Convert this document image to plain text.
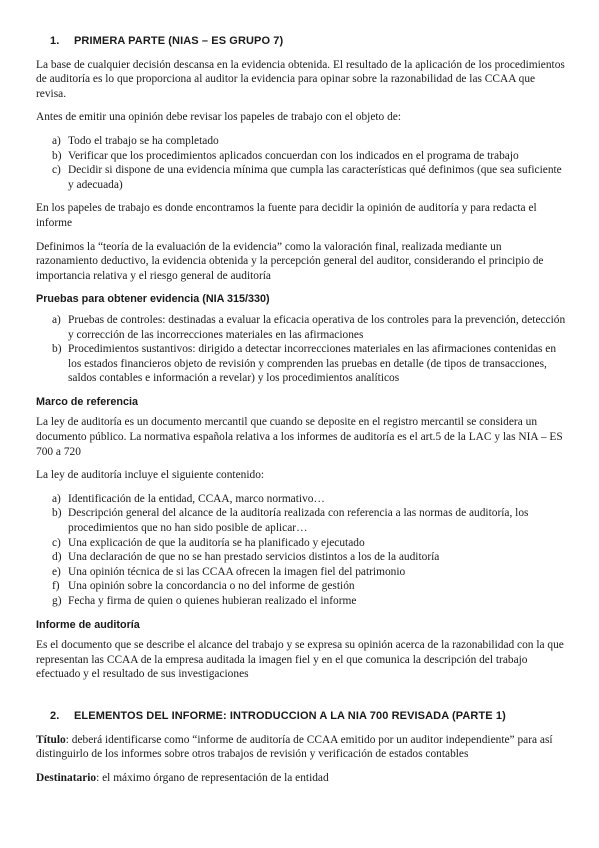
1.	PRIMERA PARTE (NIAS – ES GRUPO 7)

La base de cualquier decisión descansa en la evidencia obtenida. El resultado de la aplicación de los procedimientos de auditoría es lo que proporciona al auditor la evidencia para opinar sobre la razonabilidad de las CCAA que revisa.

Antes de emitir una opinión debe revisar los papeles de trabajo con el objeto de:

a) Todo el trabajo se ha completado
b) Verificar que los procedimientos aplicados concuerdan con los indicados en el programa de trabajo
c) Decidir si dispone de una evidencia mínima que cumpla las características qué definimos (que sea suficiente y adecuada)

En los papeles de trabajo es donde encontramos la fuente para decidir la opinión de auditoría y para redacta el informe

Definimos la “teoría de la evaluación de la evidencia” como la valoración final, realizada mediante un razonamiento deductivo, la evidencia obtenida y la percepción general del auditor, considerando el principio de importancia relativa y el riesgo general de auditoría

Pruebas para obtener evidencia (NIA 315/330)
a) Pruebas de controles: destinadas a evaluar la eficacia operativa de los controles para la prevención, detección y corrección de las incorrecciones materiales en las afirmaciones
b) Procedimientos sustantivos: dirigido a detectar incorrecciones materiales en las afirmaciones contenidas en los estados financieros objeto de revisión y comprenden las pruebas en detalle (de tipos de transacciones, saldos contables e información a revelar) y los procedimientos analíticos
Marco de referencia

La ley de auditoría es un documento mercantil que cuando se deposite en el registro mercantil se considera un documento público. La normativa española relativa a los informes de auditoría es el art.5 de la LAC y las NIA – ES 700 a 720

La ley de auditoría incluye el siguiente contenido:

a) Identificación de la entidad, CCAA, marco normativo…
b) Descripción general del alcance de la auditoría realizada con referencia a las normas de auditoría, los procedimientos que no han sido posible de aplicar…
c) Una explicación de que la auditoría se ha planificado y ejecutado
d) Una declaración de que no se han prestado servicios distintos a los de la auditoría
e) Una opinión técnica de si las CCAA ofrecen la imagen fiel del patrimonio
f) Una opinión sobre la concordancia o no del informe de gestión
g) Fecha y firma de quien o quienes hubieran realizado el informe
Informe de auditoría

Es el documento que se describe el alcance del trabajo y se expresa su opinión acerca de la razonabilidad con la que representan las CCAA de la empresa auditada la imagen fiel y en el que comunica la descripción del trabajo efectuado y el resultado de sus investigaciones

2.	ELEMENTOS DEL INFORME: INTRODUCCION A LA NIA 700 REVISADA (PARTE 1)

Título: deberá identificarse como “informe de auditoría de CCAA emitido por un auditor independiente” para así distinguirlo de los informes sobre otros trabajos de revisión y verificación de estados contables

Destinatario: el máximo órgano de representación de la entidad
